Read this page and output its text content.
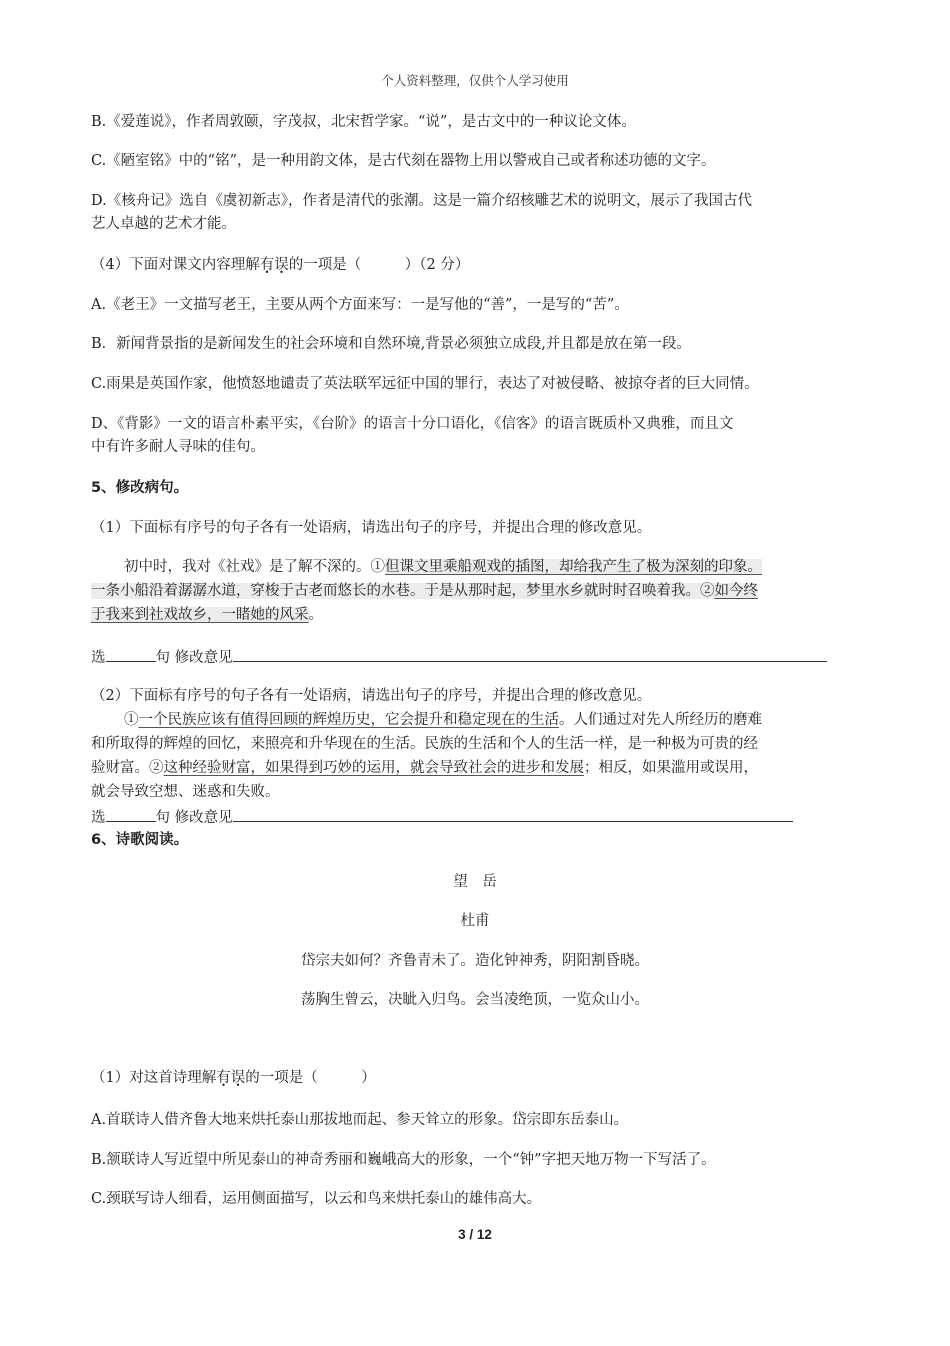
个人资料整理，仅供个人学习使用
B.《爱莲说》，作者周敦颐，字茂叔，北宋哲学家。“说”，是古文中的一种议论文体。
C.《陋室铭》中的“铭”，是一种用韵文体，是古代刻在器物上用以警戒自己或者称述功德的文字。
D.《核舟记》选自《虞初新志》，作者是清代的张潮。这是一篇介绍核雕艺术的说明文，展示了我国古代
艺人卓越的艺术才能。
（4）下面对课文内容理解有误的一项是（　　　）（2 分）
A.《老王》一文描写老王，主要从两个方面来写：一是写他的“善”，一是写的“苦”。
B．新闻背景指的是新闻发生的社会环境和自然环境,背景必须独立成段,并且都是放在第一段。
C.雨果是英国作家，他愤怒地谴责了英法联军远征中国的罪行，表达了对被侵略、被掠夺者的巨大同情。
D、《背影》一文的语言朴素平实，《台阶》的语言十分口语化，《信客》的语言既质朴又典雅，而且文
中有许多耐人寻味的佳句。
5、修改病句。
（1）下面标有序号的句子各有一处语病，请选出句子的序号，并提出合理的修改意见。
初中时，我对《社戏》是了解不深的。①但课文里乘船观戏的插图，却给我产生了极为深刻的印象。
一条小船沿着潺潺水道，穿梭于古老而悠长的水巷。于是从那时起，梦里水乡就时时召唤着我。②如今终
于我来到社戏故乡，一睹她的风采。
选	句 修改意见
（2）下面标有序号的句子各有一处语病，请选出句子的序号，并提出合理的修改意见。
①一个民族应该有值得回顾的辉煌历史，它会提升和稳定现在的生活。人们通过对先人所经历的磨难
和所取得的辉煌的回忆，来照亮和升华现在的生活。民族的生活和个人的生活一样，是一种极为可贵的经
验财富。②这种经验财富，如果得到巧妙的运用，就会导致社会的进步和发展；相反，如果滥用或误用，
就会导致空想、迷惑和失败。
选	句 修改意见
6、诗歌阅读。
望　岳
杜甫
岱宗夫如何？齐鲁青未了。造化钟神秀，阴阳割昏晓。
荡胸生曾云，决眦入归鸟。会当凌绝顶，一览众山小。
（1）对这首诗理解有误的一项是（　　　）
A.首联诗人借齐鲁大地来烘托泰山那拔地而起、参天耸立的形象。岱宗即东岳泰山。
B.颔联诗人写近望中所见泰山的神奇秀丽和巍峨高大的形象，一个“钟”字把天地万物一下写活了。
C.颈联写诗人细看，运用侧面描写，以云和鸟来烘托泰山的雄伟高大。
3 / 12
